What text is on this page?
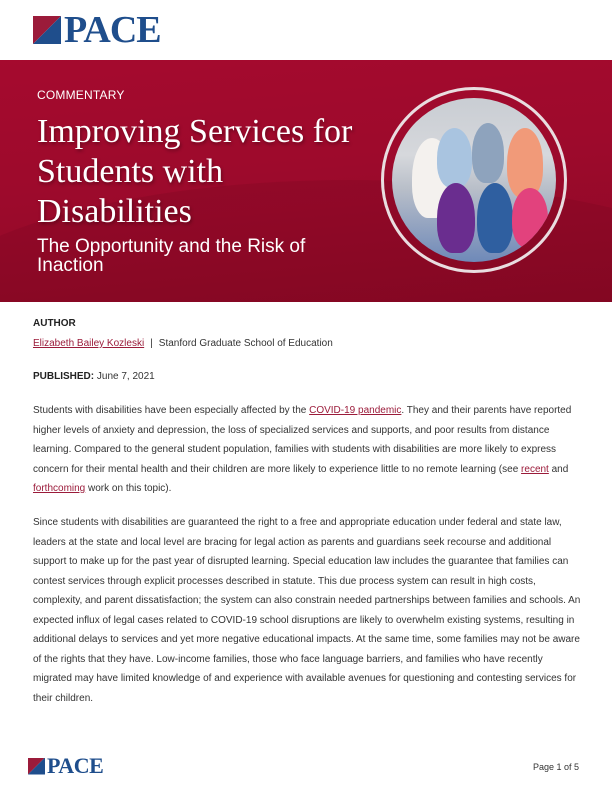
PACE
COMMENTARY
Improving Services for Students with Disabilities
The Opportunity and the Risk of Inaction
AUTHOR
Elizabeth Bailey Kozleski | Stanford Graduate School of Education
PUBLISHED: June 7, 2021

Students with disabilities have been especially affected by the COVID-19 pandemic. They and their parents have reported higher levels of anxiety and depression, the loss of specialized services and supports, and poor results from distance learning. Compared to the general student population, families with students with disabilities are more likely to express concern for their mental health and their children are more likely to experience little to no remote learning (see recent and forthcoming work on this topic).

Since students with disabilities are guaranteed the right to a free and appropriate education under federal and state law, leaders at the state and local level are bracing for legal action as parents and guardians seek recourse and additional support to make up for the past year of disrupted learning. Special education law includes the guarantee that families can contest services through explicit processes described in statute. This due process system can result in high costs, complexity, and parent dissatisfaction; the system can also constrain needed partnerships between families and schools. An expected influx of legal cases related to COVID-19 school disruptions are likely to overwhelm existing systems, resulting in additional delays to services and yet more negative educational impacts. At the same time, some families may not be aware of the rights that they have. Low-income families, those who face language barriers, and families who have recently migrated may have limited knowledge of and experience with available avenues for questioning and contesting services for their children.

PACE	Page 1 of 5
